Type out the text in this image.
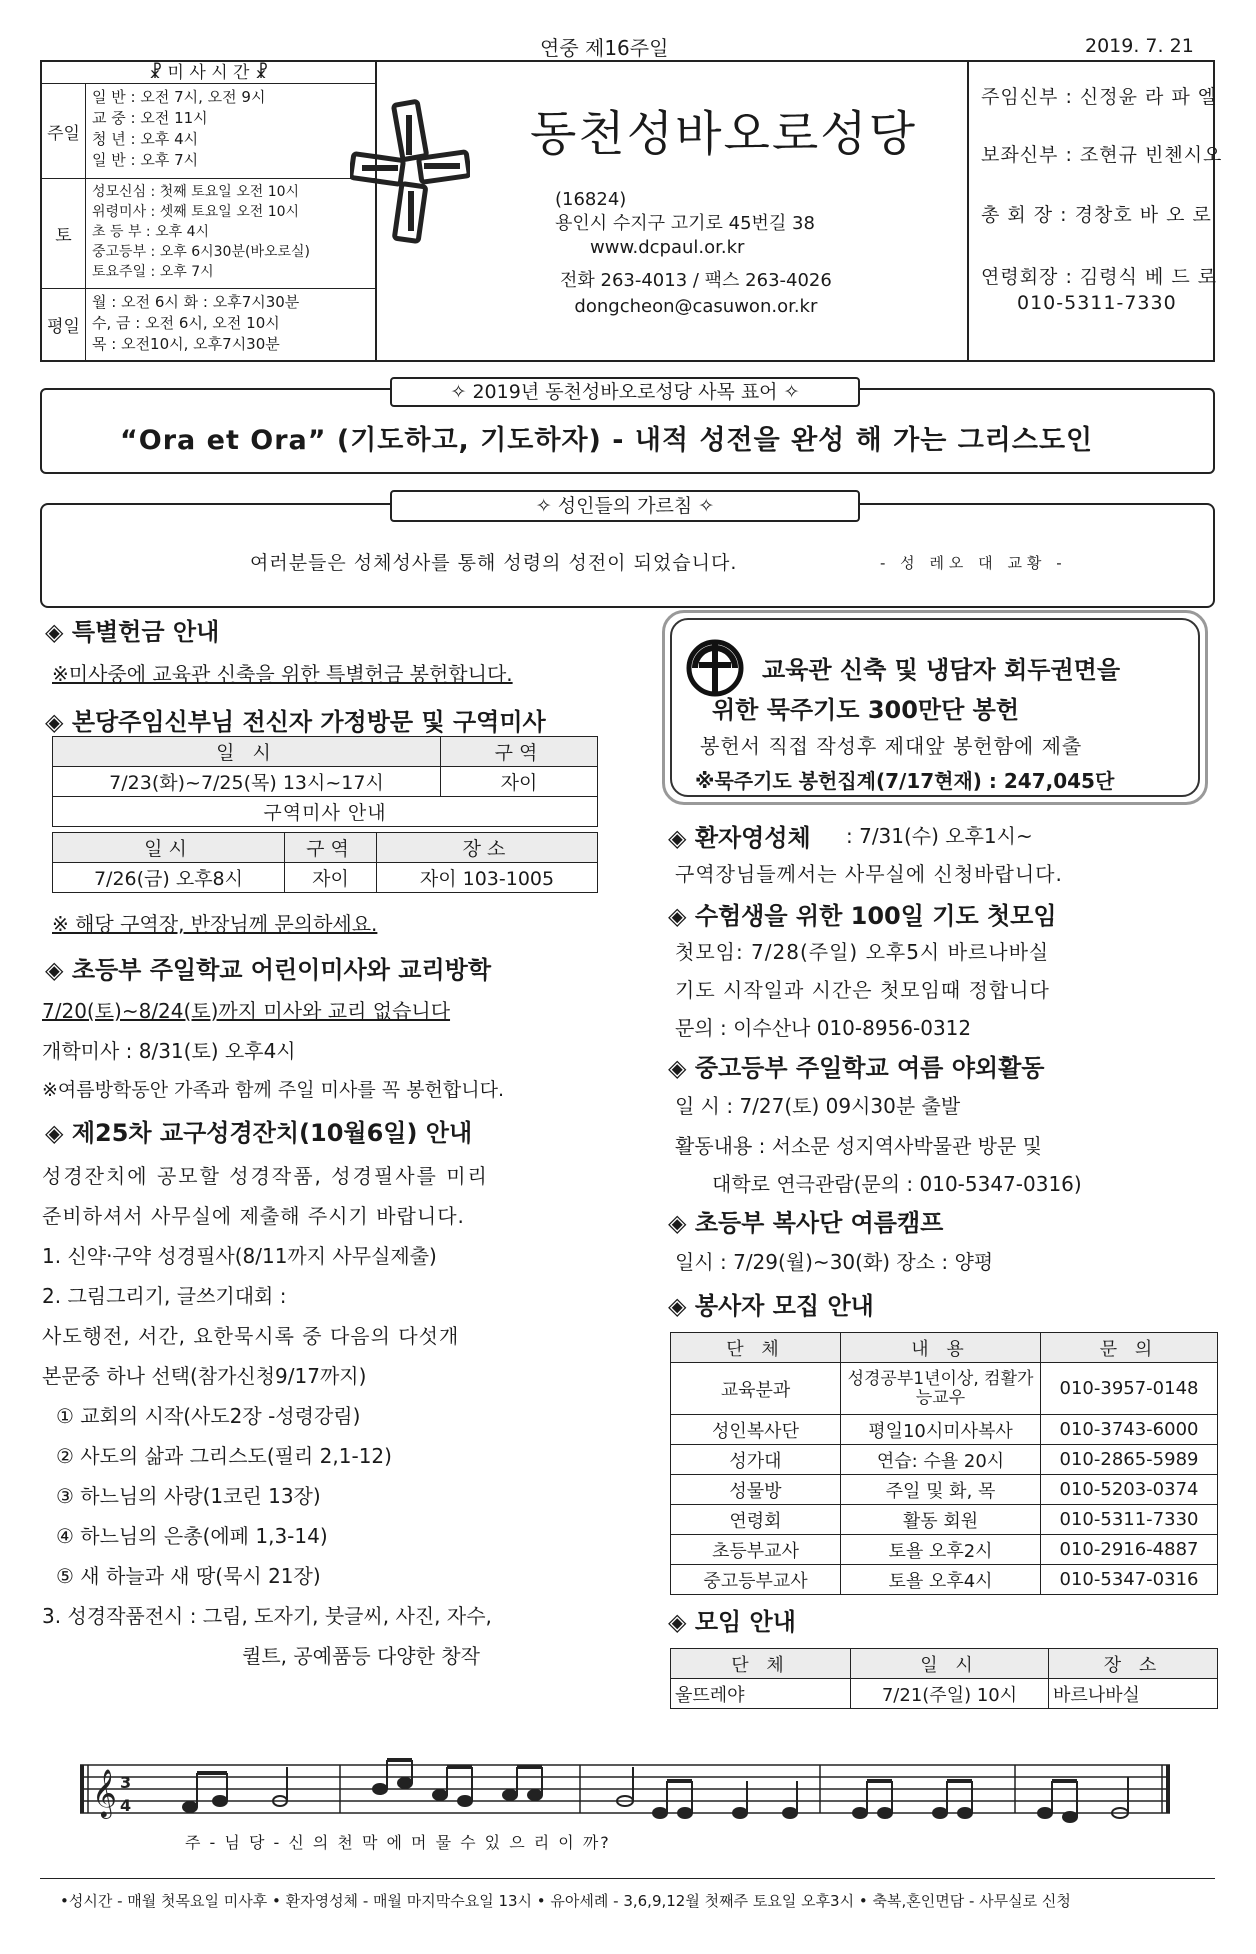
연중 제16주일	2019. 7. 21
☧ 미 사 시 간 ☧
주일
일 반 : 오전 7시, 오전 9시
교 중 : 오전 11시
청 년 : 오후 4시
일 반 : 오후 7시
토
성모신심 : 첫째 토요일 오전 10시
위령미사 : 셋째 토요일 오전 10시
초 등 부 : 오후 4시
중고등부 : 오후 6시30분(바오로실)
토요주일 : 오후 7시
평일
월 : 오전 6시 화 : 오후7시30분
수, 금 : 오전 6시, 오전 10시
목 : 오전10시, 오후7시30분
주임신부 : 신정윤 라 파 엘
보좌신부 : 조현규 빈첸시오
총 회 장 : 경창호 바 오 로
연령회장 : 김령식 베 드 로
010-5311-7330
동천성바오로성당
(16824)
용인시 수지구 고기로 45번길 38
www.dcpaul.or.kr
전화 263-4013 / 팩스 263-4026
dongcheon@casuwon.or.kr
✧ 2019년 동천성바오로성당 사목 표어 ✧
“Ora et Ora” (기도하고, 기도하자) - 내적 성전을 완성 해 가는 그리스도인
✧ 성인들의 가르침 ✧
여러분들은 성체성사를 통해 성령의 성전이 되었습니다.	- 성 레오 대 교황 -
◈ 특별헌금 안내
※미사중에 교육관 신축을 위한 특별헌금 봉헌합니다.
◈ 본당주임신부님 전신자 가정방문 및 구역미사
일 시	구역
7/23(화)~7/25(목) 13시~17시	자이
구역미사 안내	
일시	구역	장소
7/26(금) 오후8시	자이	자이 103-1005
※ 해당 구역장, 반장님께 문의하세요.
◈ 초등부 주일학교 어린이미사와 교리방학
7/20(토)~8/24(토)까지 미사와 교리 없습니다
개학미사 : 8/31(토) 오후4시
※여름방학동안 가족과 함께 주일 미사를 꼭 봉헌합니다.
◈ 제25차 교구성경잔치(10월6일) 안내
성경잔치에 공모할 성경작품, 성경필사를 미리
준비하셔서 사무실에 제출해 주시기 바랍니다.
1. 신약·구약 성경필사(8/11까지 사무실제출)
2. 그림그리기, 글쓰기대회 :
사도행전, 서간, 요한묵시록 중 다음의 다섯개
본문중 하나 선택(참가신청9/17까지)
① 교회의 시작(사도2장 -성령강림)
② 사도의 삶과 그리스도(필리 2,1-12)
③ 하느님의 사랑(1코린 13장)
④ 하느님의 은총(에페 1,3-14)
⑤ 새 하늘과 새 땅(묵시 21장)
3. 성경작품전시 : 그림, 도자기, 붓글씨, 사진, 자수,
퀼트, 공예품등 다양한 창작
교육관 신축 및 냉담자 회두권면을
위한 묵주기도 300만단 봉헌
봉헌서 직접 작성후 제대앞 봉헌함에 제출
※묵주기도 봉헌집계(7/17현재) : 247,045단
◈ 환자영성체 : 7/31(수) 오후1시~
구역장님들께서는 사무실에 신청바랍니다.
◈ 수험생을 위한 100일 기도 첫모임
첫모임: 7/28(주일) 오후5시 바르나바실
기도 시작일과 시간은 첫모임때 정합니다
문의 : 이수산나 010-8956-0312
◈ 중고등부 주일학교 여름 야외활동
일 시 : 7/27(토) 09시30분 출발
활동내용 : 서소문 성지역사박물관 방문 및
대학로 연극관람(문의 : 010-5347-0316)
◈ 초등부 복사단 여름캠프
일시 : 7/29(월)~30(화) 장소 : 양평
◈ 봉사자 모집 안내
단 체	내 용	문 의
교육분과	성경공부1년이상, 컴활가능교우	010-3957-0148
성인복사단	평일10시미사복사	010-3743-6000
성가대	연습: 수욜 20시	010-2865-5989
성물방	주일 및 화, 목	010-5203-0374
연령회	활동 회원	010-5311-7330
초등부교사	토욜 오후2시	010-2916-4887
중고등부교사	토욜 오후4시	010-5347-0316
◈ 모임 안내
단 체	일 시	장 소
울뜨레야	7/21(주일) 10시	바르나바실
𝄞 3
4
주 - 님 당 - 신 의 천 막 에 머 물 수 있 으 리 이 까?
•성시간 - 매월 첫목요일 미사후 • 환자영성체 - 매월 마지막수요일 13시 • 유아세례 - 3,6,9,12월 첫째주 토요일 오후3시 • 축복,혼인면담 - 사무실로 신청
